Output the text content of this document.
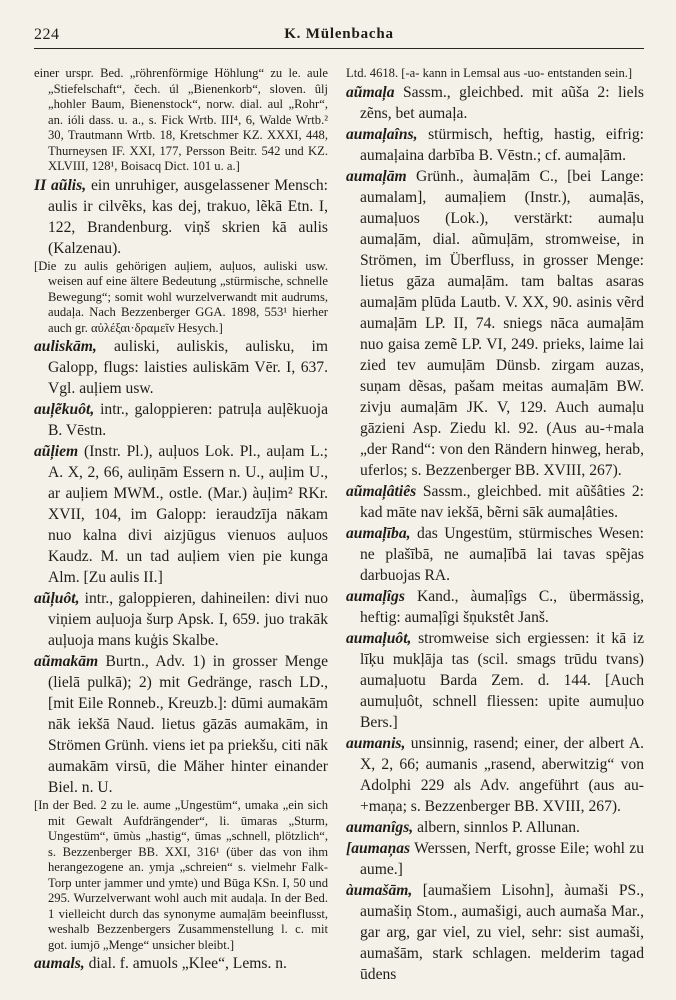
224	K. Mülenbacha

einer urspr. Bed. „röhrenförmige Höhlung“ zu le. aule „Stiefelschaft“, čech. úl „Bienenkorb“, sloven. ûlj „hohler Baum, Bienenstock“, norw. dial. aul „Rohr“, an. ióli dass. u. a., s. Fick Wrtb. III⁴, 6, Walde Wrtb.² 30, Trautmann Wrtb. 18, Kretschmer KZ. XXXI, 448, Thurneysen IF. XXI, 177, Persson Beitr. 542 und KZ. XLVIII, 128¹, Boisacq Dict. 101 u. a.]

II aũlis, ein unruhiger, ausgelassener Mensch: aulis ir cilvẽks, kas dej, trakuo, lẽkā Etn. I, 122, Brandenburg. viņš skrien kā aulis (Kalzenau).

[Die zu aulis gehörigen auļiem, auļuos, auliski usw. weisen auf eine ältere Bedeutung „stürmische, schnelle Bewegung“; somit wohl wurzelverwandt mit audrums, audaļa. Nach Bezzenberger GGA. 1898, 553¹ hierher auch gr. αὐλέξαι·δραμεῖν Hesych.]

auliskām, auliski, auliskis, aulisku, im Galopp, flugs: laisties auliskām Vēr. I, 637. Vgl. auļiem usw.

auļẽkuôt, intr., galoppieren: patruļa auļẽkuoja B. Vēstn.

aũļiem (Instr. Pl.), auļuos Lok. Pl., auļam L.; A. X, 2, 66, auliņām Essern n. U., auļim U., ar auļiem MWM., ostle. (Mar.) àuļim² RKr. XVII, 104, im Galopp: ieraudzīja nākam nuo kalna divi aizjūgus vienuos auļuos Kaudz. M. un tad auļiem vien pie kunga Alm. [Zu aulis II.]

aũļuôt, intr., galoppieren, dahineilen: divi nuo viņiem auļuoja šurp Apsk. I, 659. juo trakāk auļuoja mans kuģis Skalbe.

aũmakām Burtn., Adv. 1) in grosser Menge (lielā pulkā); 2) mit Gedränge, rasch LD., [mit Eile Ronneb., Kreuzb.]: dūmi aumakām nāk iekšā Naud. lietus gāzās aumakām, in Strömen Grünh. viens iet pa priekšu, citi nāk aumakām virsū, die Mäher hinter einander Biel. n. U.

[In der Bed. 2 zu le. aume „Ungestüm“, umaka „ein sich mit Gewalt Aufdrängender“, li. ūmaras „Sturm, Ungestüm“, ūmùs „hastig“, ūmas „schnell, plötzlich“, s. Bezzenberger BB. XXI, 316¹ (über das von ihm herangezogene an. ymja „schreien“ s. vielmehr Falk-Torp unter jammer und ymte) und Būga KSn. I, 50 und 295. Wurzelverwant wohl auch mit audaļa. In der Bed. 1 vielleicht durch das synonyme aumaļām beeinflusst, weshalb Bezzenbergers Zusammenstellung l. c. mit got. iumjō „Menge“ unsicher bleibt.]

aumals, dial. f. amuols „Klee“, Lems. n.

Ltd. 4618. [-a- kann in Lemsal aus -uo- entstanden sein.]

aũmaļa Sassm., gleichbed. mit aũša 2: liels zẽns, bet aumaļa.

aumaļaîns, stürmisch, heftig, hastig, eifrig: aumaļaina darbība B. Vēstn.; cf. aumaļām.

aumaļām Grünh., àumaļām C., [bei Lange: aumalam], aumaļiem (Instr.), aumaļās, aumaļuos (Lok.), verstärkt: aumaļu aumaļām, dial. aũmuļām, stromweise, in Strömen, im Überfluss, in grosser Menge: lietus gāza aumaļām. tam baltas asaras aumaļām plūda Lautb. V. XX, 90. asinis vẽrd aumaļām LP. II, 74. sniegs nāca aumaļām nuo gaisa zemẽ LP. VI, 249. prieks, laime lai zied tev aumuļām Dünsb. zirgam auzas, suņam dẽsas, pašam meitas aumaļām BW. zivju aumaļām JK. V, 129. Auch aumaļu gāzieni Asp. Ziedu kl. 92. (Aus au-+mala „der Rand“: von den Rändern hinweg, herab, uferlos; s. Bezzenberger BB. XVIII, 267).

aũmaļâtiês Sassm., gleichbed. mit aũšâties 2: kad māte nav iekšā, bẽrni sāk aumaļâties.

aumaļība, das Ungestüm, stürmisches Wesen: ne plašībā, ne aumaļībā lai tavas spẽjas darbuojas RA.

aumaļîgs Kand., àumaļîgs C., übermässig, heftig: aumaļîgi šņukstêt Janš.

aumaļuôt, stromweise sich ergiessen: it kā iz līķu mukļāja tas (scil. smags trūdu tvans) aumaļuotu Barda Zem. d. 144. [Auch aumuļuôt, schnell fliessen: upite aumuļuo Bers.]

aumanis, unsinnig, rasend; einer, der albert A. X, 2, 66; aumanis „rasend, aberwitzig“ von Adolphi 229 als Adv. angeführt (aus au-+maņa; s. Bezzenberger BB. XVIII, 267).

aumanîgs, albern, sinnlos P. Allunan.

[aumaņas Werssen, Nerft, grosse Eile; wohl zu aume.]

àumašām, [aumašiem Lisohn], àumaši PS., aumašiņ Stom., aumašigi, auch aumaša Mar., gar arg, gar viel, zu viel, sehr: sist aumaši, aumašām, stark schlagen. melderim tagad ūdens
